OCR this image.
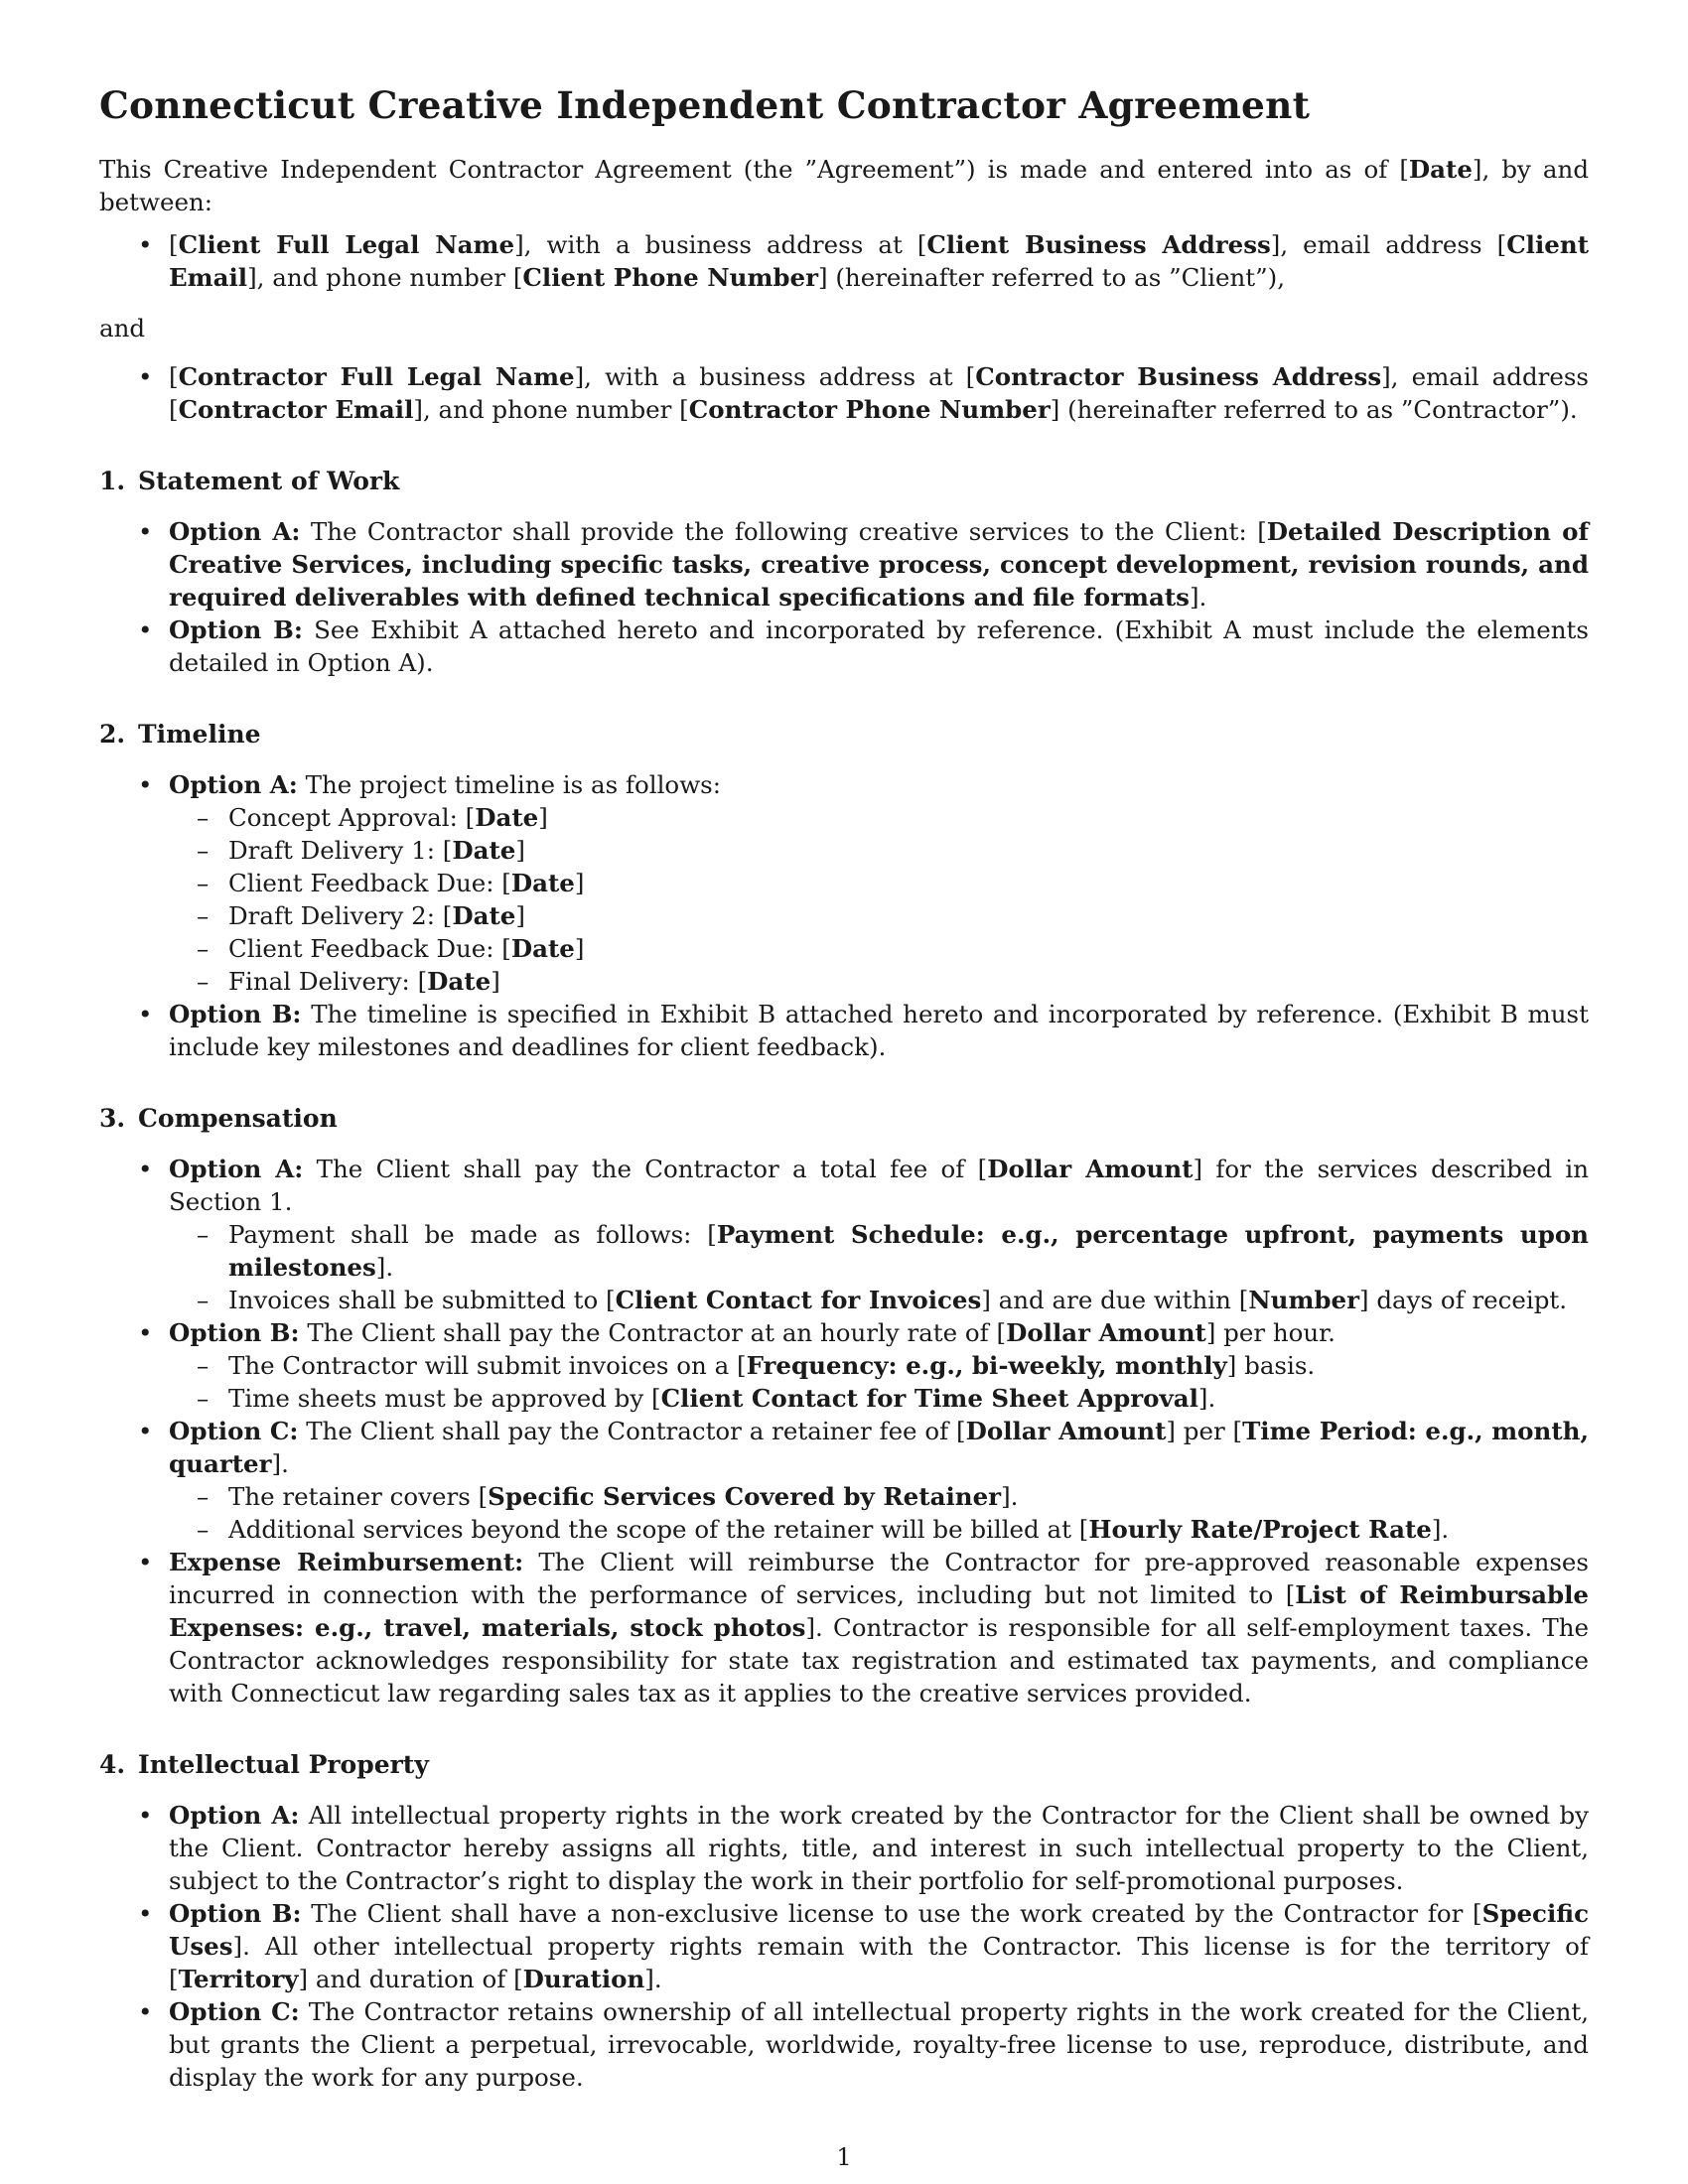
Connecticut Creative Independent Contractor Agreement

This Creative Independent Contractor Agreement (the ”Agreement”) is made and entered into as of [Date], by and between:

• [Client Full Legal Name], with a business address at [Client Business Address], email address [Client Email], and phone number [Client Phone Number] (hereinafter referred to as ”Client”),

and

• [Contractor Full Legal Name], with a business address at [Contractor Business Address], email address [Contractor Email], and phone number [Contractor Phone Number] (hereinafter referred to as ”Contractor”).
1. Statement of Work
• Option A: The Contractor shall provide the following creative services to the Client: [Detailed Description of Creative Services, including specific tasks, creative process, concept development, revision rounds, and required deliverables with defined technical specifications and file formats].
• Option B: See Exhibit A attached hereto and incorporated by reference. (Exhibit A must include the elements detailed in Option A).
2. Timeline
• Option A: The project timeline is as follows:
– Concept Approval: [Date]
– Draft Delivery 1: [Date]
– Client Feedback Due: [Date]
– Draft Delivery 2: [Date]
– Client Feedback Due: [Date]
– Final Delivery: [Date]
• Option B: The timeline is specified in Exhibit B attached hereto and incorporated by reference. (Exhibit B must include key milestones and deadlines for client feedback).
3. Compensation
• Option A: The Client shall pay the Contractor a total fee of [Dollar Amount] for the services described in Section 1.
– Payment shall be made as follows: [Payment Schedule: e.g., percentage upfront, payments upon milestones].
– Invoices shall be submitted to [Client Contact for Invoices] and are due within [Number] days of receipt.
• Option B: The Client shall pay the Contractor at an hourly rate of [Dollar Amount] per hour.
– The Contractor will submit invoices on a [Frequency: e.g., bi-weekly, monthly] basis.
– Time sheets must be approved by [Client Contact for Time Sheet Approval].
• Option C: The Client shall pay the Contractor a retainer fee of [Dollar Amount] per [Time Period: e.g., month, quarter].
– The retainer covers [Specific Services Covered by Retainer].
– Additional services beyond the scope of the retainer will be billed at [Hourly Rate/Project Rate].
• Expense Reimbursement: The Client will reimburse the Contractor for pre-approved reasonable expenses incurred in connection with the performance of services, including but not limited to [List of Reimbursable Expenses: e.g., travel, materials, stock photos]. Contractor is responsible for all self-employment taxes. The Contractor acknowledges responsibility for state tax registration and estimated tax payments, and compliance with Connecticut law regarding sales tax as it applies to the creative services provided.
4. Intellectual Property
• Option A: All intellectual property rights in the work created by the Contractor for the Client shall be owned by the Client. Contractor hereby assigns all rights, title, and interest in such intellectual property to the Client, subject to the Contractor’s right to display the work in their portfolio for self-promotional purposes.
• Option B: The Client shall have a non-exclusive license to use the work created by the Contractor for [Specific Uses]. All other intellectual property rights remain with the Contractor. This license is for the territory of [Territory] and duration of [Duration].
• Option C: The Contractor retains ownership of all intellectual property rights in the work created for the Client, but grants the Client a perpetual, irrevocable, worldwide, royalty-free license to use, reproduce, distribute, and display the work for any purpose.
1
